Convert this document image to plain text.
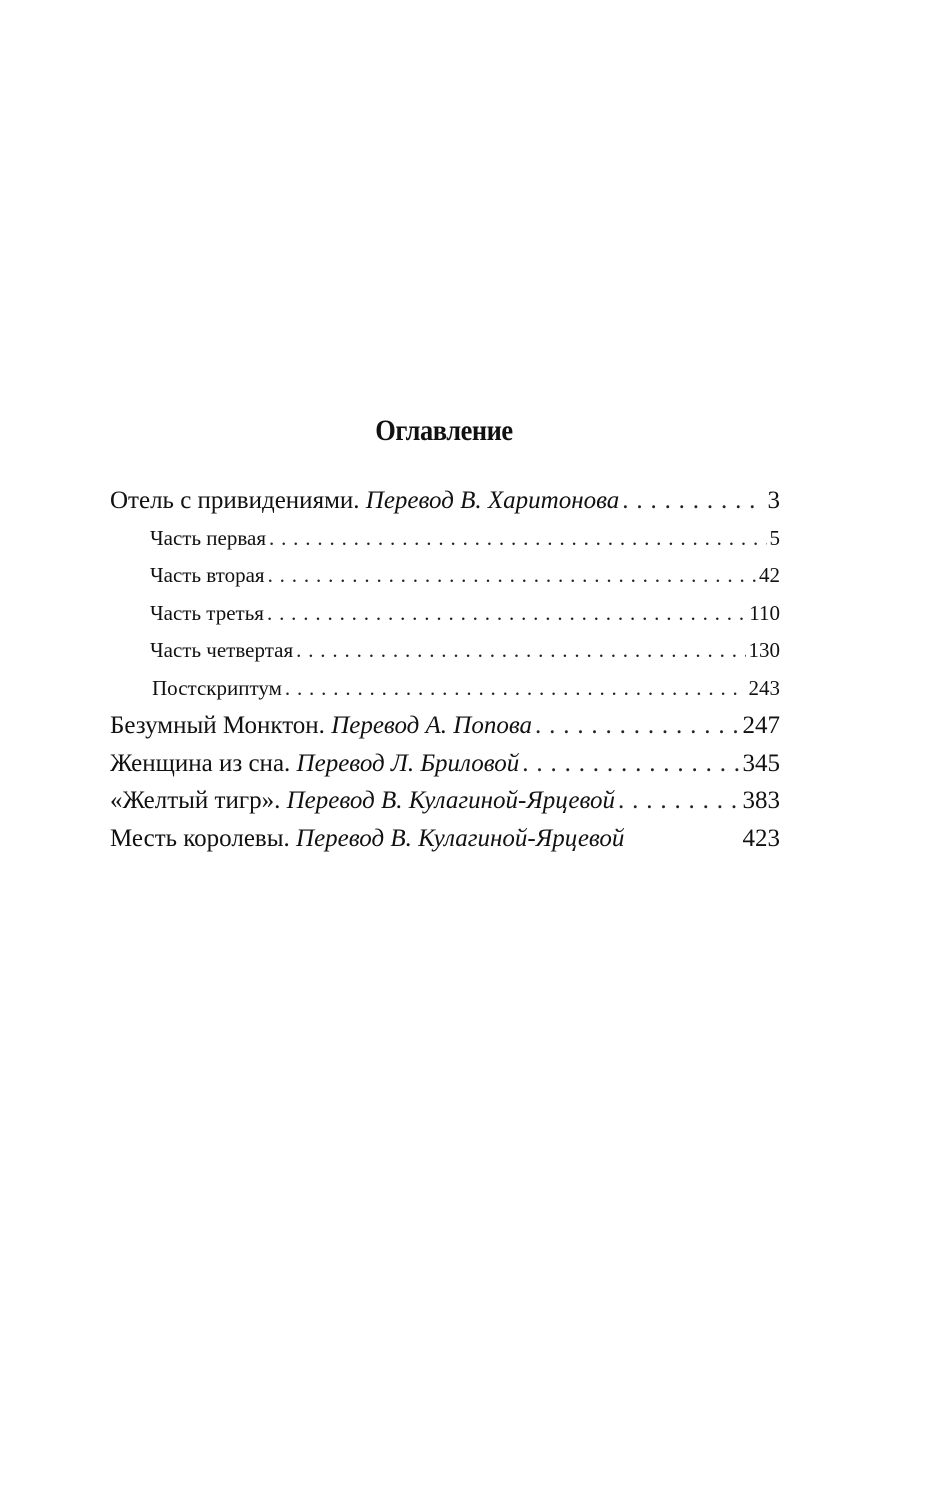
Оглавление
Отель с привидениями. Перевод В. Харитонова . . .	3
Часть первая . . .	5
Часть вторая . . .	42
Часть третья . . .	110
Часть четвертая . . .	130
Постскриптум . . .	243
Безумный Монктон. Перевод А. Попова . . .	247
Женщина из сна. Перевод Л. Бриловой . . .	345
«Желтый тигр». Перевод В. Кулагиной-Ярцевой . . .	383
Месть королевы. Перевод В. Кулагиной-Ярцевой	423
